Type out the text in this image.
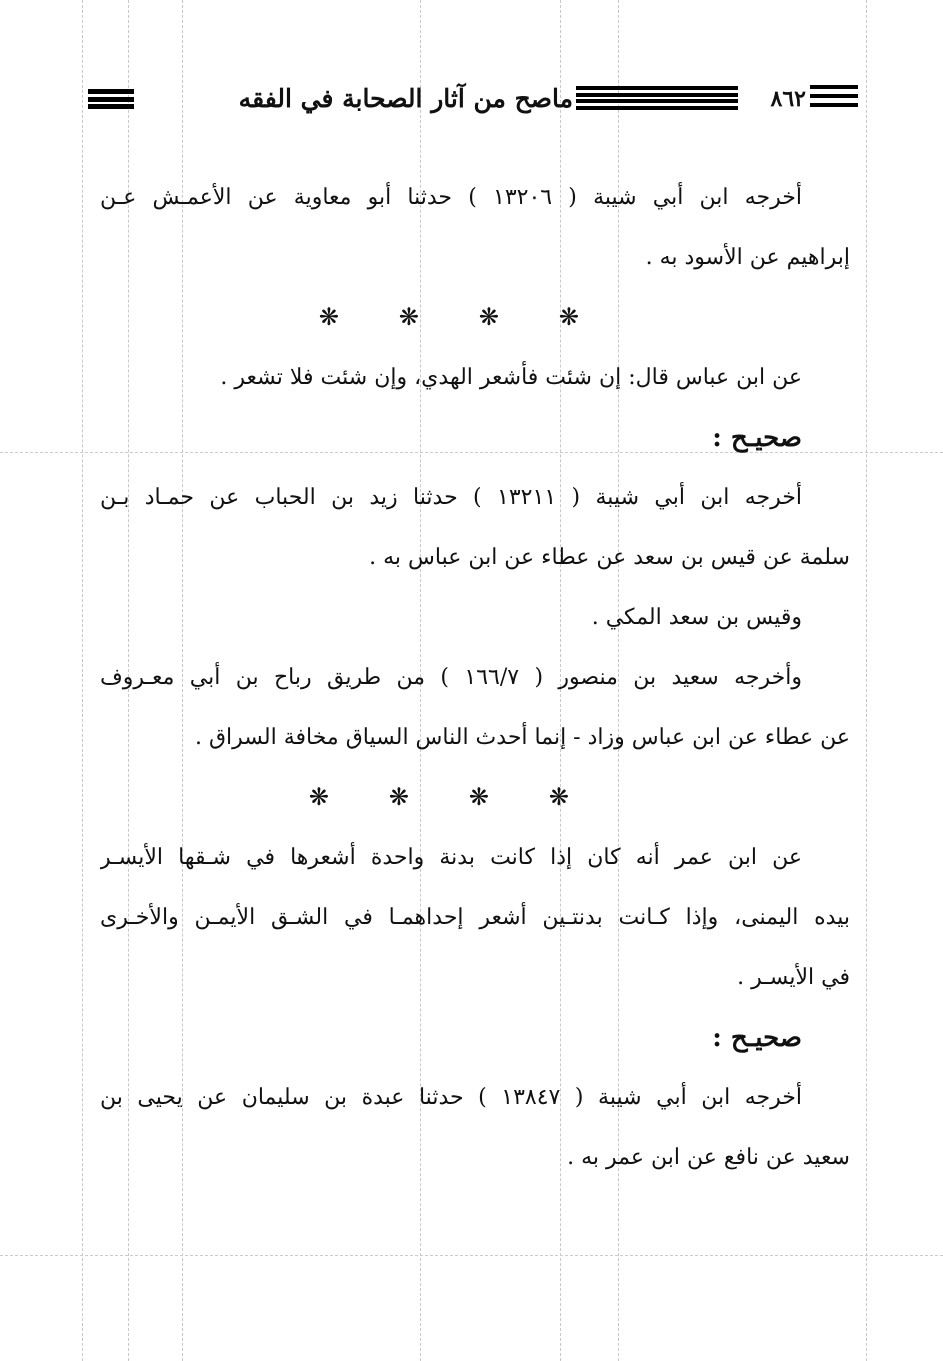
٨٦٢
ماصح من آثار الصحابة في الفقه
أخرجه ابن أبي شيبة ( ١٣٢٠٦ ) حدثنا أبو معاوية عن الأعمـش عـن
إبراهيم عن الأسود به .
❋
❋
❋
❋
عن ابن عباس قال: إن شئت فأشعر الهدي، وإن شئت فلا تشعر .
صحيـح :
أخرجه ابن أبي شيبة ( ١٣٢١١ ) حدثنا زيد بن الحباب عن حمـاد بـن
سلمة عن قيس بن سعد عن عطاء عن ابن عباس به .
وقيس بن سعد المكي .
وأخرجه سعيد بن منصور ( ١٦٦/٧ ) من طريق رباح بن أبي معـروف
عن عطاء عن ابن عباس وزاد - إنما أحدث الناس السياق مخافة السراق .
❋
❋
❋
❋
عن ابن عمر أنه كان إذا كانت بدنة واحدة أشعرها في شـقها الأيسـر
بيده اليمنى، وإذا كـانت بدنتـين أشعر إحداهمـا في الشـق الأيمـن والأخـرى
في الأيسـر .
صحيـح :
أخرجه ابن أبي شيبة ( ١٣٨٤٧ ) حدثنا عبدة بن سليمان عن يحيى بن
سعيد عن نافع عن ابن عمر به .
